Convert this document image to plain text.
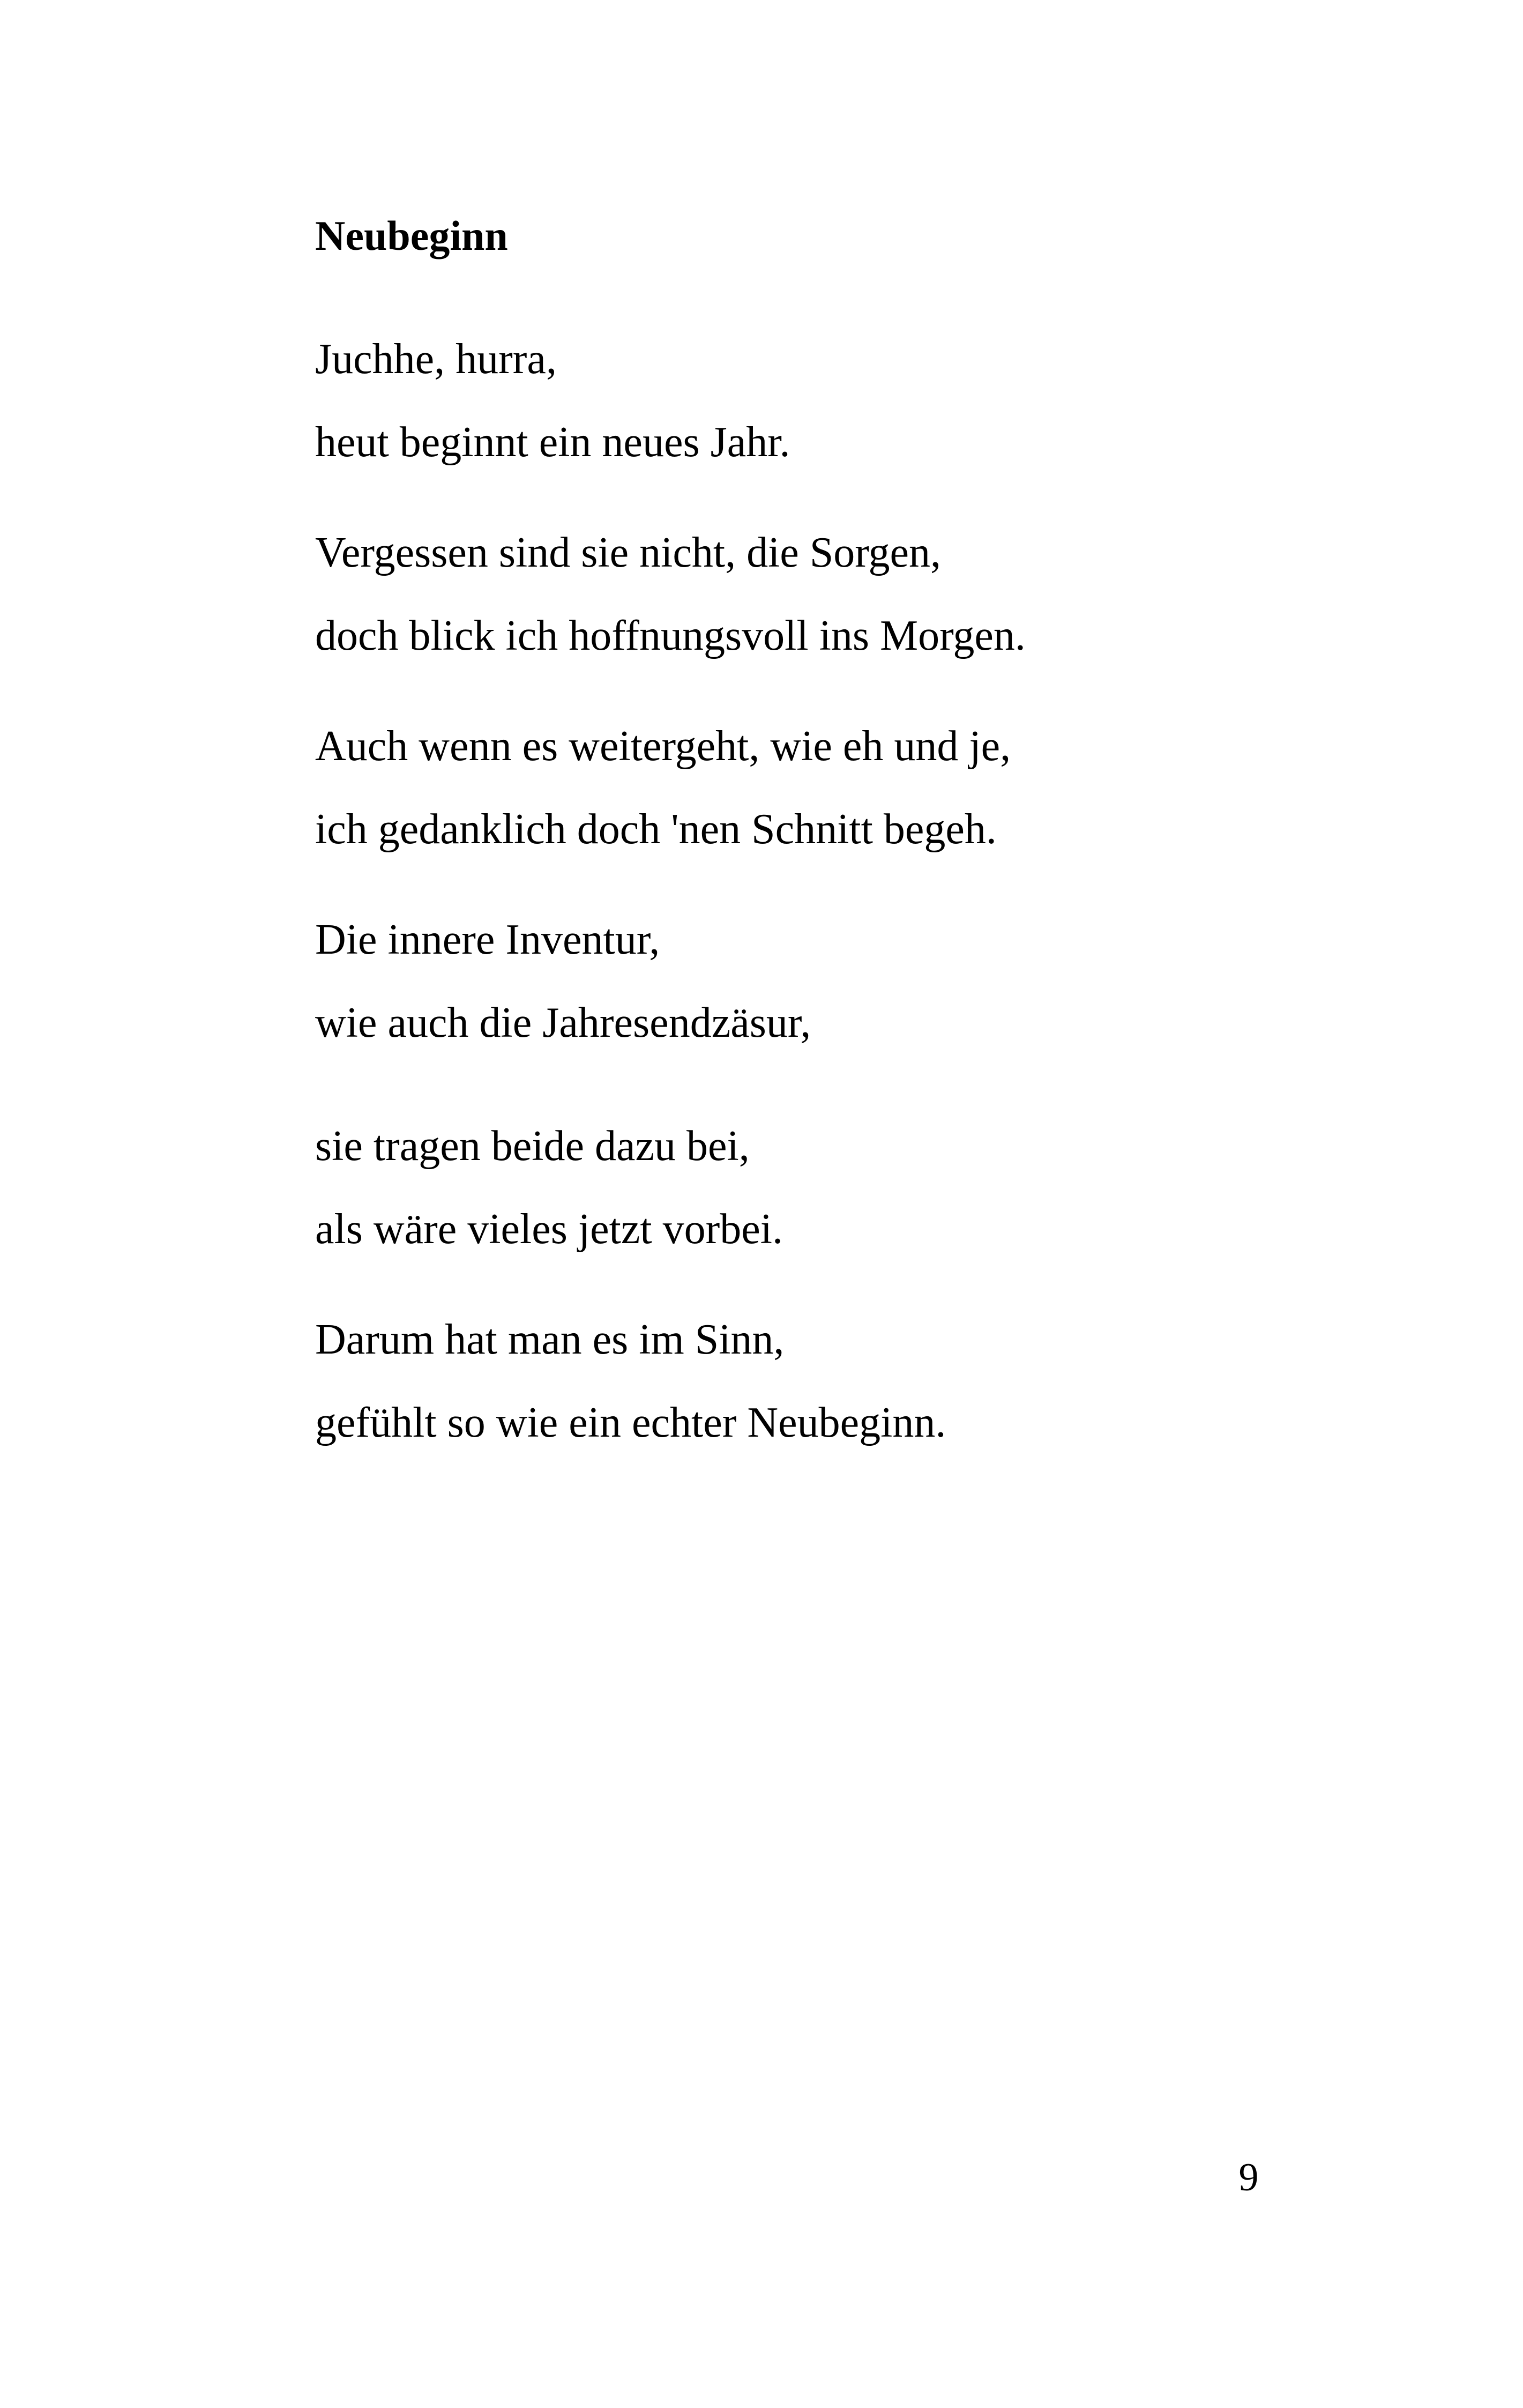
Neubeginn
Juchhe, hurra,
heut beginnt ein neues Jahr.
Vergessen sind sie nicht, die Sorgen,
doch blick ich hoffnungsvoll ins Morgen.
Auch wenn es weitergeht, wie eh und je,
ich gedanklich doch 'nen Schnitt begeh.
Die innere Inventur,
wie auch die Jahresendzäsur,
sie tragen beide dazu bei,
als wäre vieles jetzt vorbei.
Darum hat man es im Sinn,
gefühlt so wie ein echter Neubeginn.
9
